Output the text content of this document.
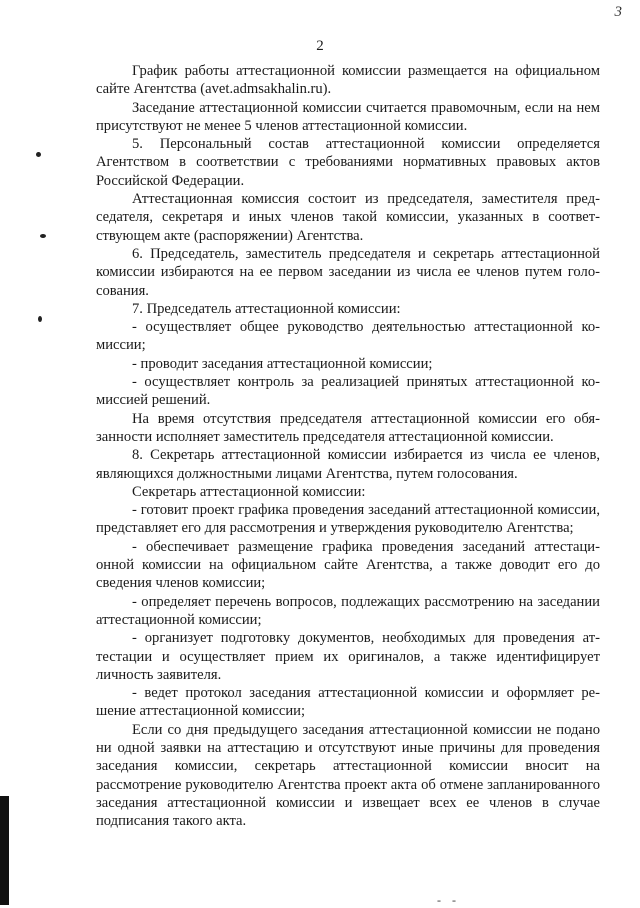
3
2

График работы аттестационной комиссии размещается на официальном сайте Агентства (avet.admsakhalin.ru).

Заседание аттестационной комиссии считается правомочным, если на нем присутствуют не менее 5 членов аттестационной комиссии.

5. Персональный состав аттестационной комиссии определяется Агентством в соответствии с требованиями нормативных правовых актов Российской Федерации.

Аттестационная комиссия состоит из председателя, заместителя председателя, секретаря и иных членов такой комиссии, указанных в соответствующем акте (распоряжении) Агентства.

6. Председатель, заместитель председателя и секретарь аттестационной комиссии избираются на ее первом заседании из числа ее членов путем голосования.

7. Председатель аттестационной комиссии:

- осуществляет общее руководство деятельностью аттестационной комиссии;

- проводит заседания аттестационной комиссии;

- осуществляет контроль за реализацией принятых аттестационной комиссией решений.

На время отсутствия председателя аттестационной комиссии его обязанности исполняет заместитель председателя аттестационной комиссии.

8. Секретарь аттестационной комиссии избирается из числа ее членов, являющихся должностными лицами Агентства, путем голосования.

Секретарь аттестационной комиссии:

- готовит проект графика проведения заседаний аттестационной комиссии, представляет его для рассмотрения и утверждения руководителю Агентства;

- обеспечивает размещение графика проведения заседаний аттестационной комиссии на официальном сайте Агентства, а также доводит его до сведения членов комиссии;

- определяет перечень вопросов, подлежащих рассмотрению на заседании аттестационной комиссии;

- организует подготовку документов, необходимых для проведения аттестации и осуществляет прием их оригиналов, а также идентифицирует личность заявителя.

- ведет протокол заседания аттестационной комиссии и оформляет решение аттестационной комиссии;

Если со дня предыдущего заседания аттестационной комиссии не подано ни одной заявки на аттестацию и отсутствуют иные причины для проведения заседания комиссии, секретарь аттестационной комиссии вносит на рассмотрение руководителю Агентства проект акта об отмене запланированного заседания аттестационной комиссии и извещает всех ее членов в случае подписания такого акта.

- -
